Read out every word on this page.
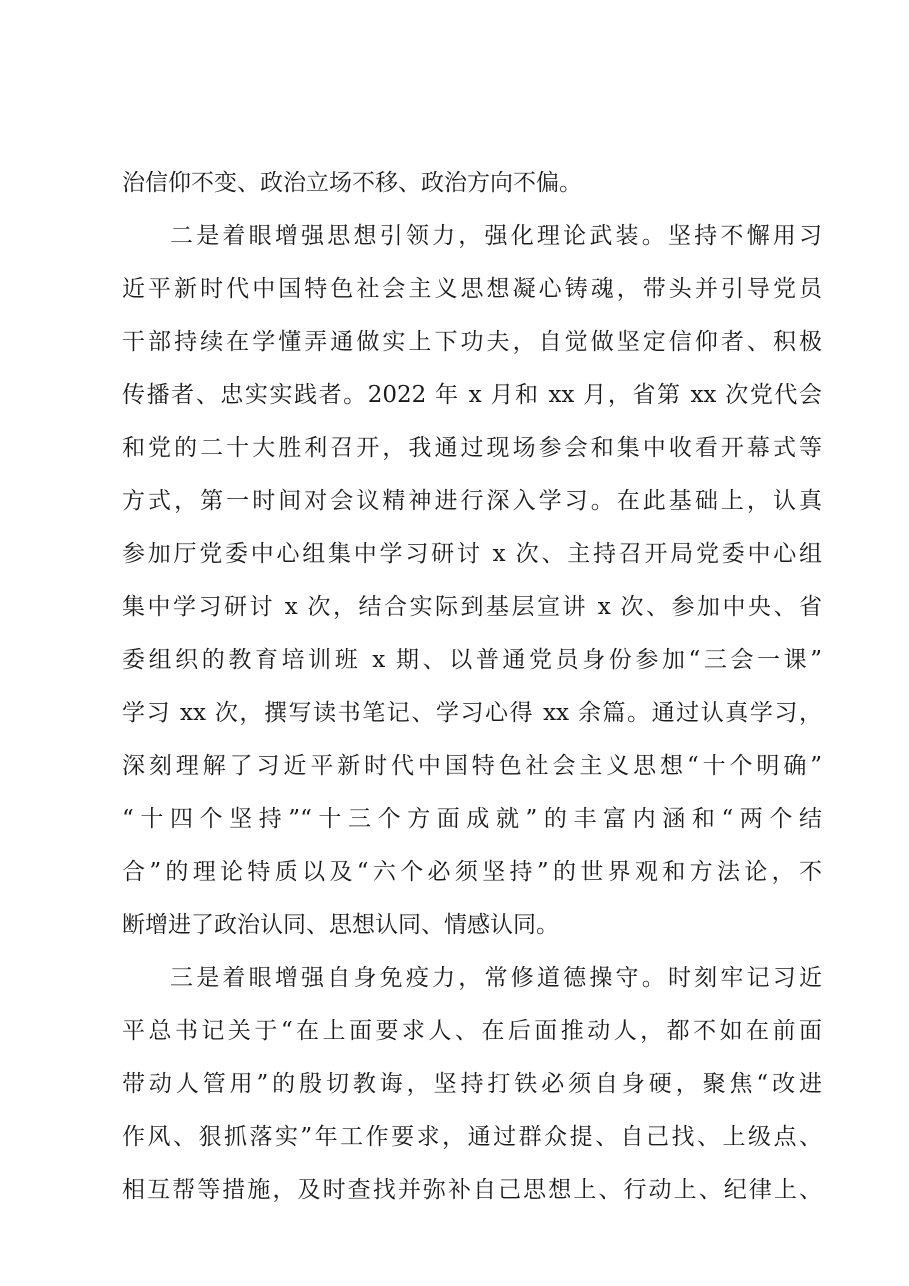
治信仰不变、政治立场不移、政治方向不偏。
二是着眼增强思想引领力，强化理论武装。坚持不懈用习
近平新时代中国特色社会主义思想凝心铸魂，带头并引导党员
干部持续在学懂弄通做实上下功夫，自觉做坚定信仰者、积极
传播者、忠实实践者。2022 年 x 月和 xx 月，省第 xx 次党代会
和党的二十大胜利召开，我通过现场参会和集中收看开幕式等
方式，第一时间对会议精神进行深入学习。在此基础上，认真
参加厅党委中心组集中学习研讨 x 次、主持召开局党委中心组
集中学习研讨 x 次，结合实际到基层宣讲 x 次、参加中央、省
委组织的教育培训班 x 期、以普通党员身份参加“三会一课”
学习 xx 次，撰写读书笔记、学习心得 xx 余篇。通过认真学习，
深刻理解了习近平新时代中国特色社会主义思想“十个明确”
“十四个坚持”“十三个方面成就”的丰富内涵和“两个结
合”的理论特质以及“六个必须坚持”的世界观和方法论，不
断增进了政治认同、思想认同、情感认同。
三是着眼增强自身免疫力，常修道德操守。时刻牢记习近
平总书记关于“在上面要求人、在后面推动人，都不如在前面
带动人管用”的殷切教诲，坚持打铁必须自身硬，聚焦“改进
作风、狠抓落实”年工作要求，通过群众提、自己找、上级点、
相互帮等措施，及时查找并弥补自己思想上、行动上、纪律上、
